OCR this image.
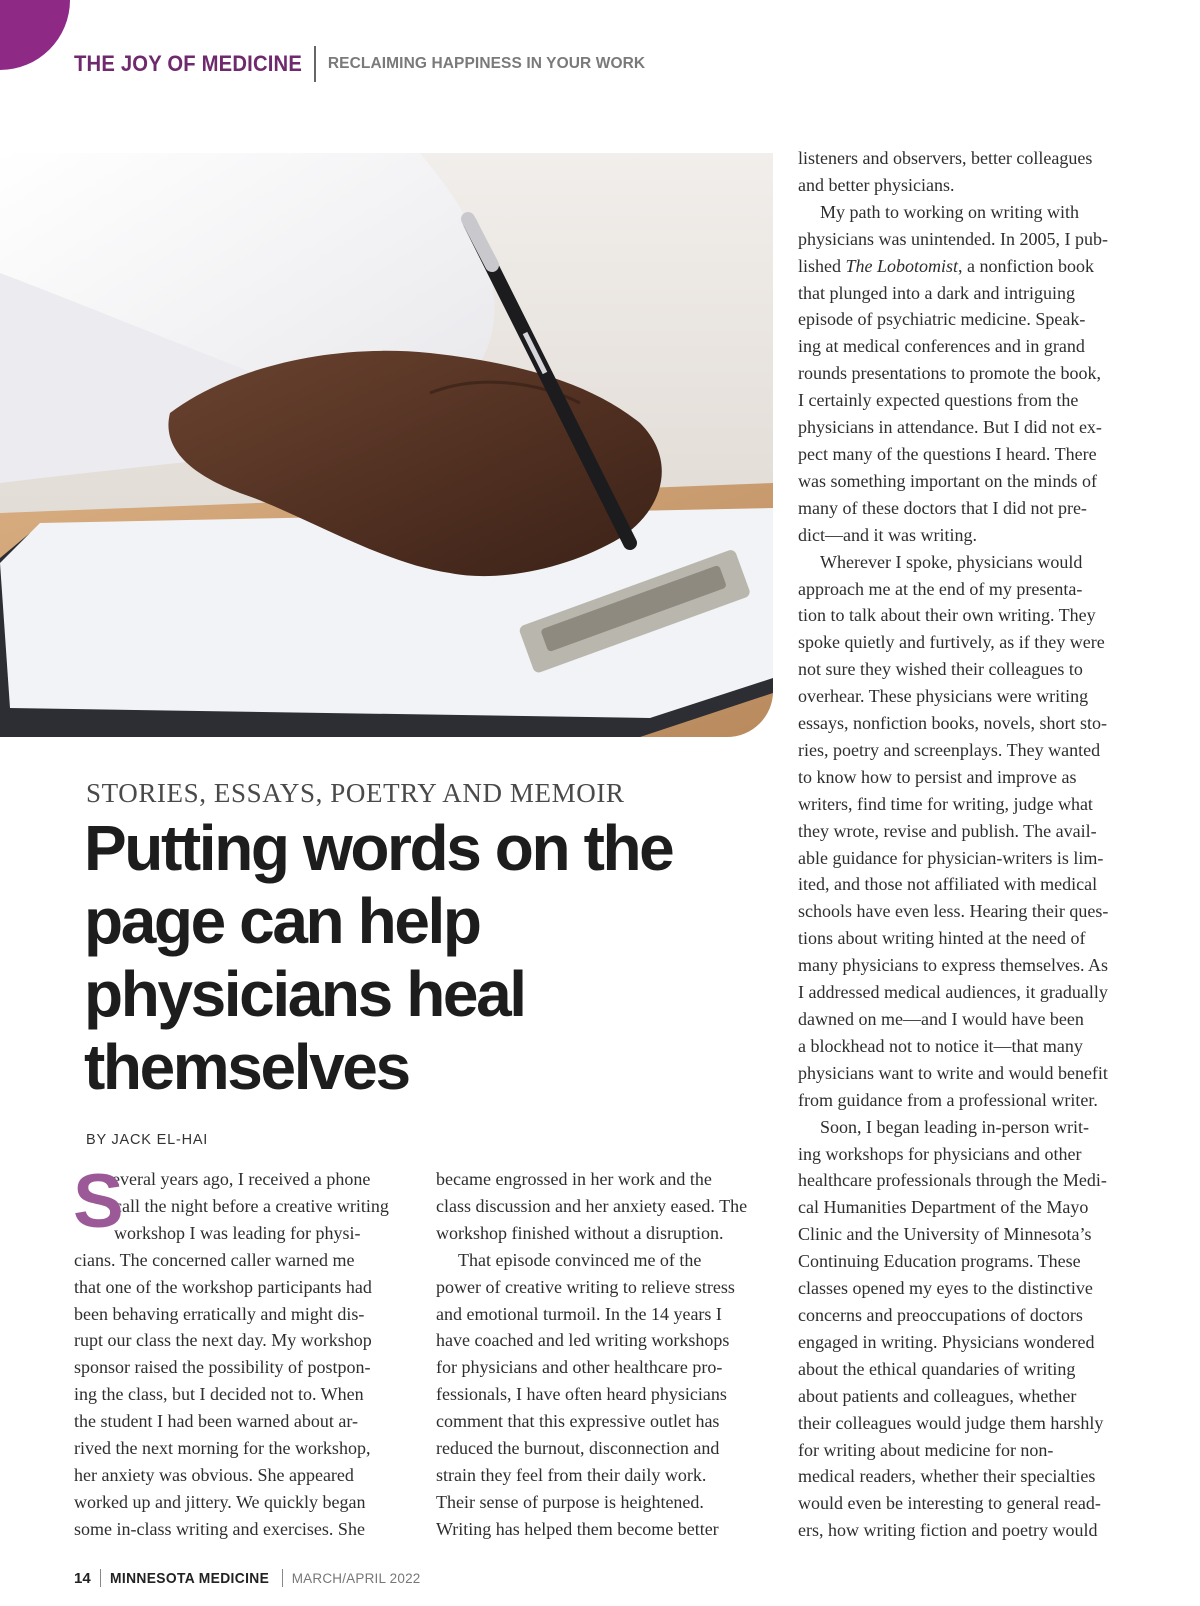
THE JOY OF MEDICINE RECLAIMING HAPPINESS IN YOUR WORK
STORIES, ESSAYS, POETRY AND MEMOIR
Putting words on the page can help physicians heal themselves
BY JACK EL-HAI
S
everal years ago, I received a phone
call the night before a creative writing
workshop I was leading for physi-
cians. The concerned caller warned me
that one of the workshop participants had
been behaving erratically and might dis-
rupt our class the next day. My workshop
sponsor raised the possibility of postpon-
ing the class, but I decided not to. When
the student I had been warned about ar-
rived the next morning for the workshop,
her anxiety was obvious. She appeared
worked up and jittery. We quickly began
some in-class writing and exercises. She
became engrossed in her work and the
class discussion and her anxiety eased. The
workshop finished without a disruption.
That episode convinced me of the
power of creative writing to relieve stress
and emotional turmoil. In the 14 years I
have coached and led writing workshops
for physicians and other healthcare pro-
fessionals, I have often heard physicians
comment that this expressive outlet has
reduced the burnout, disconnection and
strain they feel from their daily work.
Their sense of purpose is heightened.
Writing has helped them become better
listeners and observers, better colleagues
and better physicians.
My path to working on writing with
physicians was unintended. In 2005, I pub-
lished The Lobotomist, a nonfiction book
that plunged into a dark and intriguing
episode of psychiatric medicine. Speak-
ing at medical conferences and in grand
rounds presentations to promote the book,
I certainly expected questions from the
physicians in attendance. But I did not ex-
pect many of the questions I heard. There
was something important on the minds of
many of these doctors that I did not pre-
dict—and it was writing.
Wherever I spoke, physicians would
approach me at the end of my presenta-
tion to talk about their own writing. They
spoke quietly and furtively, as if they were
not sure they wished their colleagues to
overhear. These physicians were writing
essays, nonfiction books, novels, short sto-
ries, poetry and screenplays. They wanted
to know how to persist and improve as
writers, find time for writing, judge what
they wrote, revise and publish. The avail-
able guidance for physician-writers is lim-
ited, and those not affiliated with medical
schools have even less. Hearing their ques-
tions about writing hinted at the need of
many physicians to express themselves. As
I addressed medical audiences, it gradually
dawned on me—and I would have been
a blockhead not to notice it—that many
physicians want to write and would benefit
from guidance from a professional writer.
Soon, I began leading in-person writ-
ing workshops for physicians and other
healthcare professionals through the Medi-
cal Humanities Department of the Mayo
Clinic and the University of Minnesota’s
Continuing Education programs. These
classes opened my eyes to the distinctive
concerns and preoccupations of doctors
engaged in writing. Physicians wondered
about the ethical quandaries of writing
about patients and colleagues, whether
their colleagues would judge them harshly
for writing about medicine for non-
medical readers, whether their specialties
would even be interesting to general read-
ers, how writing fiction and poetry would
14 MINNESOTA MEDICINE MARCH/APRIL 2022
